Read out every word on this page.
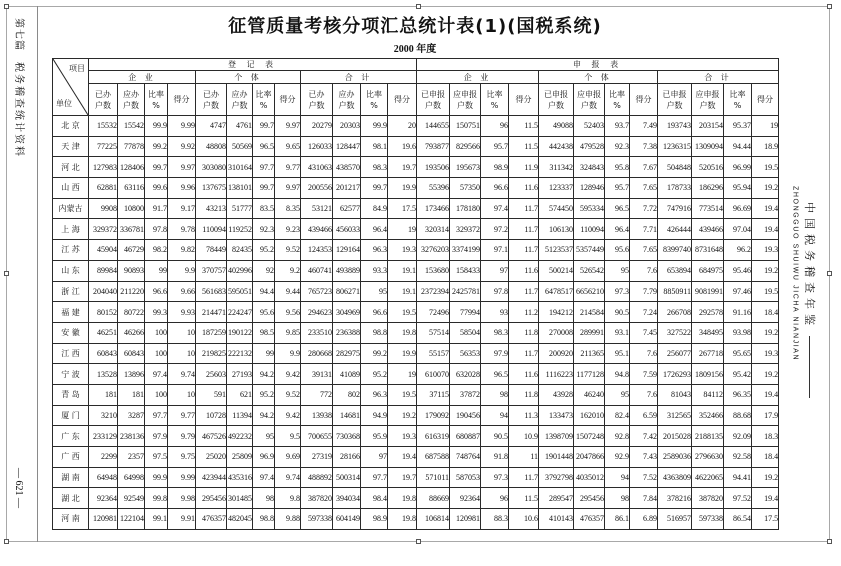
第七篇
税务稽查统计资料
— 621 —
ZHONGGUO SHUIWU JICHA NIANJIAN 中国税务稽查年鉴
征管质量考核分项汇总统计表(1)(国税系统)
2000 年度
项目
单位	登 记 表												申 报 表											
	企 业				个 体				合 计				企 业				个 体				合 计			

	已办
户数	应办
户数	比率
%	得分	已办
户数	应办
户数	比率
%	得分	已办
户数	应办
户数	比率
%	得分	已申报
户数	应申报
户数	比率
%	得分	已申报
户数	应申报
户数	比率
%	得分	已申报
户数	应申报
户数	比率
%	得分

北 京	15532	15542	99.9	9.99	4747	4761	99.7	9.97	20279	20303	99.9	20	144655	150751	96	11.5	49088	52403	93.7	7.49	193743	203154	95.37	19
天 津	77225	77878	99.2	9.92	48808	50569	96.5	9.65	126033	128447	98.1	19.6	793877	829566	95.7	11.5	442438	479528	92.3	7.38	1236315	1309094	94.44	18.9
河 北	127983	128406	99.7	9.97	303080	310164	97.7	9.77	431063	438570	98.3	19.7	193506	195673	98.9	11.9	311342	324843	95.8	7.67	504848	520516	96.99	19.5
山 西	62881	63116	99.6	9.96	137675	138101	99.7	9.97	200556	201217	99.7	19.9	55396	57350	96.6	11.6	123337	128946	95.7	7.65	178733	186296	95.94	19.2
内蒙古	9908	10800	91.7	9.17	43213	51777	83.5	8.35	53121	62577	84.9	17.5	173466	178180	97.4	11.7	574450	595334	96.5	7.72	747916	773514	96.69	19.4
上 海	329372	336781	97.8	9.78	110094	119252	92.3	9.23	439466	456033	96.4	19	320314	329372	97.2	11.7	106130	110094	96.4	7.71	426444	439466	97.04	19.4
江 苏	45904	46729	98.2	9.82	78449	82435	95.2	9.52	124353	129164	96.3	19.3	3276203	3374199	97.1	11.7	5123537	5357449	95.6	7.65	8399740	8731648	96.2	19.3
山 东	89984	90893	99	9.9	370757	402996	92	9.2	460741	493889	93.3	19.1	153680	158433	97	11.6	500214	526542	95	7.6	653894	684975	95.46	19.2
浙 江	204040	211220	96.6	9.66	561683	595051	94.4	9.44	765723	806271	95	19.1	2372394	2425781	97.8	11.7	6478517	6656210	97.3	7.79	8850911	9081991	97.46	19.5
福 建	80152	80722	99.3	9.93	214471	224247	95.6	9.56	294623	304969	96.6	19.5	72496	77994	93	11.2	194212	214584	90.5	7.24	266708	292578	91.16	18.4
安 徽	46251	46266	100	10	187259	190122	98.5	9.85	233510	236388	98.8	19.8	57514	58504	98.3	11.8	270008	289991	93.1	7.45	327522	348495	93.98	19.2
江 西	60843	60843	100	10	219825	222132	99	9.9	280668	282975	99.2	19.9	55157	56353	97.9	11.7	200920	211365	95.1	7.6	256077	267718	95.65	19.3
宁 波	13528	13896	97.4	9.74	25603	27193	94.2	9.42	39131	41089	95.2	19	610070	632028	96.5	11.6	1116223	1177128	94.8	7.59	1726293	1809156	95.42	19.2
青 岛	181	181	100	10	591	621	95.2	9.52	772	802	96.3	19.5	37115	37872	98	11.8	43928	46240	95	7.6	81043	84112	96.35	19.4
厦 门	3210	3287	97.7	9.77	10728	11394	94.2	9.42	13938	14681	94.9	19.2	179092	190456	94	11.3	133473	162010	82.4	6.59	312565	352466	88.68	17.9
广 东	233129	238136	97.9	9.79	467526	492232	95	9.5	700655	730368	95.9	19.3	616319	680887	90.5	10.9	1398709	1507248	92.8	7.42	2015028	2188135	92.09	18.3
广 西	2299	2357	97.5	9.75	25020	25809	96.9	9.69	27319	28166	97	19.4	687588	748764	91.8	11	1901448	2047866	92.9	7.43	2589036	2796630	92.58	18.4
湖 南	64948	64998	99.9	9.99	423944	435316	97.4	9.74	488892	500314	97.7	19.7	571011	587053	97.3	11.7	3792798	4035012	94	7.52	4363809	4622065	94.41	19.2
湖 北	92364	92549	99.8	9.98	295456	301485	98	9.8	387820	394034	98.4	19.8	88669	92364	96	11.5	289547	295456	98	7.84	378216	387820	97.52	19.4
河 南	120981	122104	99.1	9.91	476357	482045	98.8	9.88	597338	604149	98.9	19.8	106814	120981	88.3	10.6	410143	476357	86.1	6.89	516957	597338	86.54	17.5
